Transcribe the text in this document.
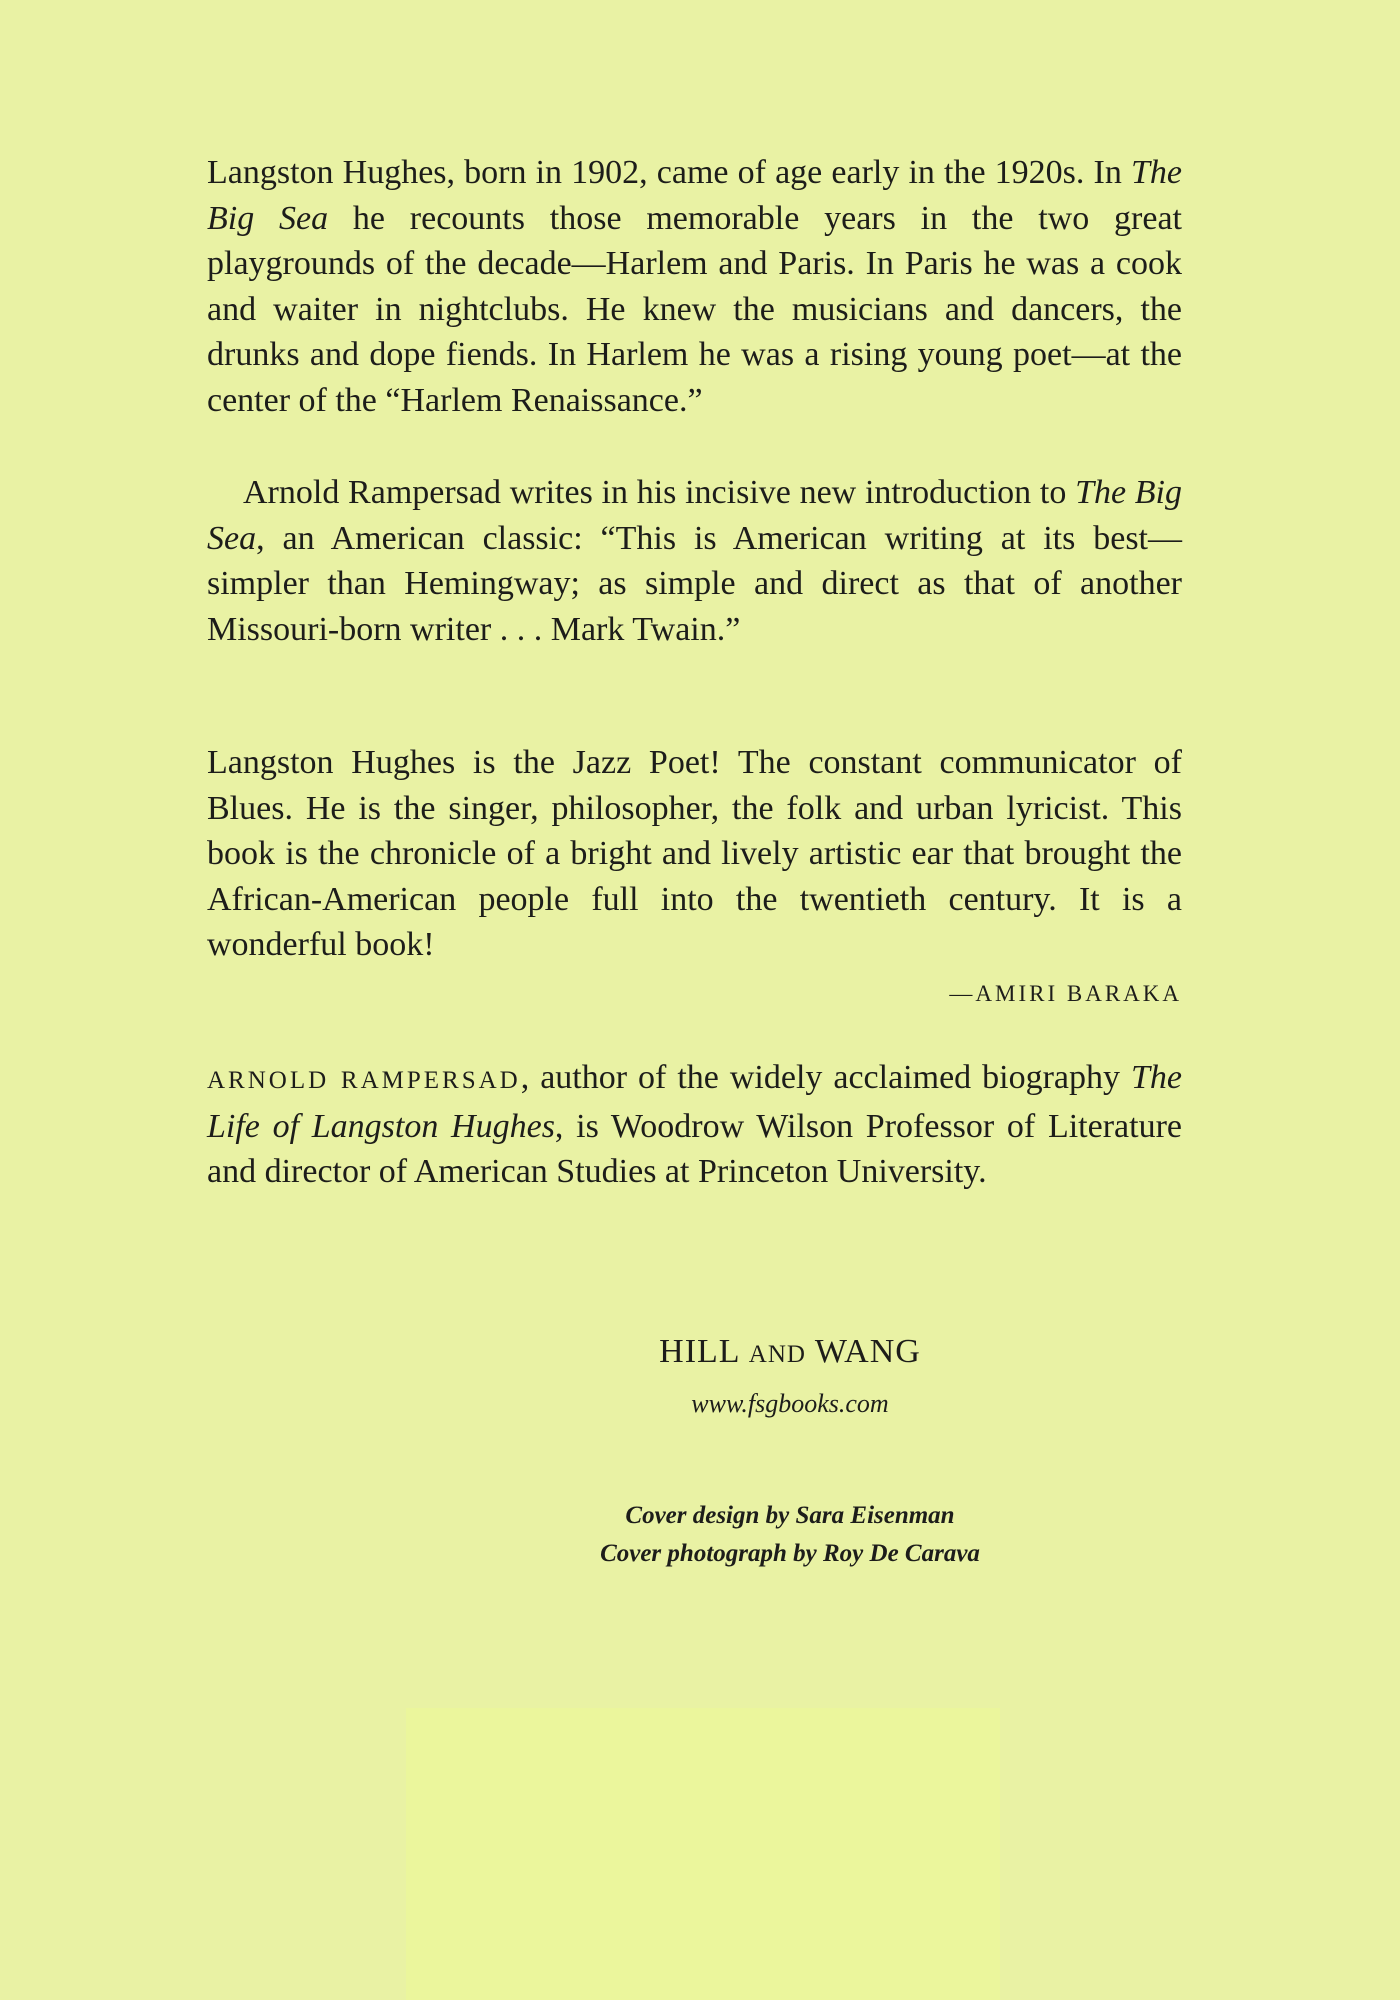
Langston Hughes, born in 1902, came of age early in the 1920s. In The Big Sea he recounts those memorable years in the two great playgrounds of the decade—Harlem and Paris. In Paris he was a cook and waiter in nightclubs. He knew the musicians and dancers, the drunks and dope fiends. In Harlem he was a rising young poet—at the center of the “Harlem Renaissance.”

Arnold Rampersad writes in his incisive new introduction to The Big Sea, an American classic: “This is American writing at its best—simpler than Hemingway; as simple and direct as that of another Missouri-born writer . . . Mark Twain.”

Langston Hughes is the Jazz Poet! The constant communicator of Blues. He is the singer, philosopher, the folk and urban lyricist. This book is the chronicle of a bright and lively artistic ear that brought the African-American people full into the twentieth century. It is a wonderful book!

—AMIRI BARAKA

ARNOLD RAMPERSAD, author of the widely acclaimed biography The Life of Langston Hughes, is Woodrow Wilson Professor of Literature and director of American Studies at Princeton University.

HILL AND WANG
www.fsgbooks.com
Cover design by Sara Eisenman
Cover photograph by Roy De Carava
